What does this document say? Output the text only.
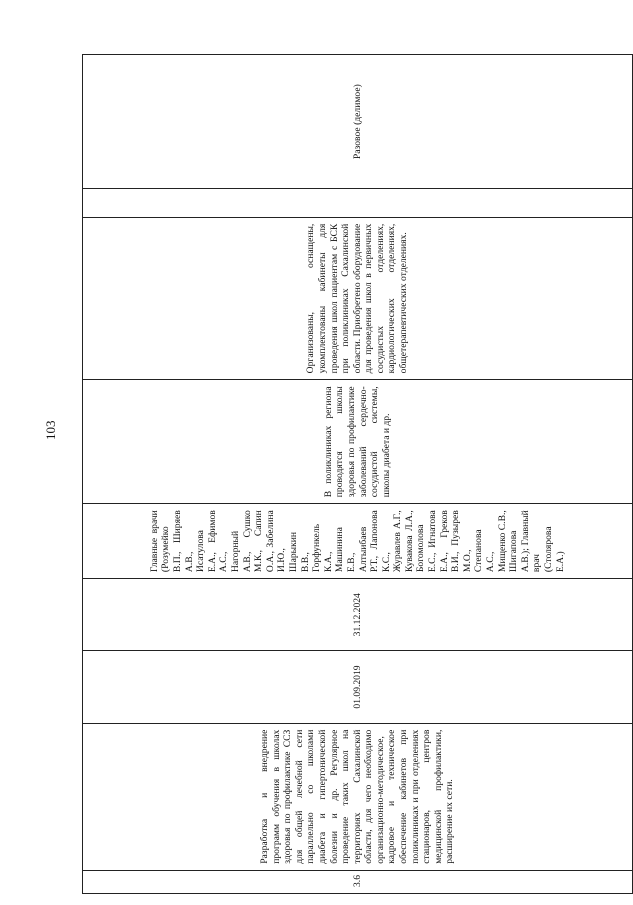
103
3.6	Разработка и внедрение программ обучения в школах здоровья по профилактике ССЗ для общей лечебной сети параллельно со школами диабета и гипертонической болезни и др. Регулярное проведение таких школ на территориях Сахалинской области, для чего необходимо организационно-методическое, кадровое и техническое обеспечение кабинетов при поликлиниках и при отделениях стационаров, центров медицинской профилактики, расширение их сети.	01.09.2019	31.12.2024	Главные врачи (Розумейко В.П., Ширяев А.В., Исатулова Е.А., Ефимов А.С., Нагорный А.В., Сушко М.К., Сапин О.А., Забелина И.Ю., Шарыкин В.В., Горфункель К.А., Машинина Е.В., Алтыибаев Р.Т., Лапонова К.С., Журавлев А.Г., Кувакова Л.А., Богомолова Е.С., Игнатова Е.А., Греков В.И., Пузырев М.О., Степанова А.С., Мищенко С.В., Шигапова А.В.); Главный врач (Столярова Е.А.)	В поликлиниках региона проводятся школы здоровья по профилактике заболеваний сердечно-сосудистой системы, школы диабета и др.	Организованы, оснащены, укомплектованы кабинеты для проведения школ пациентам с БСК при поликлиниках Сахалинской области. Приобретено оборудование для проведения школ в первичных сосудистых отделениях, кардиологических отделениях, общетерапевтических отделениях.		Разовое (делимое)
